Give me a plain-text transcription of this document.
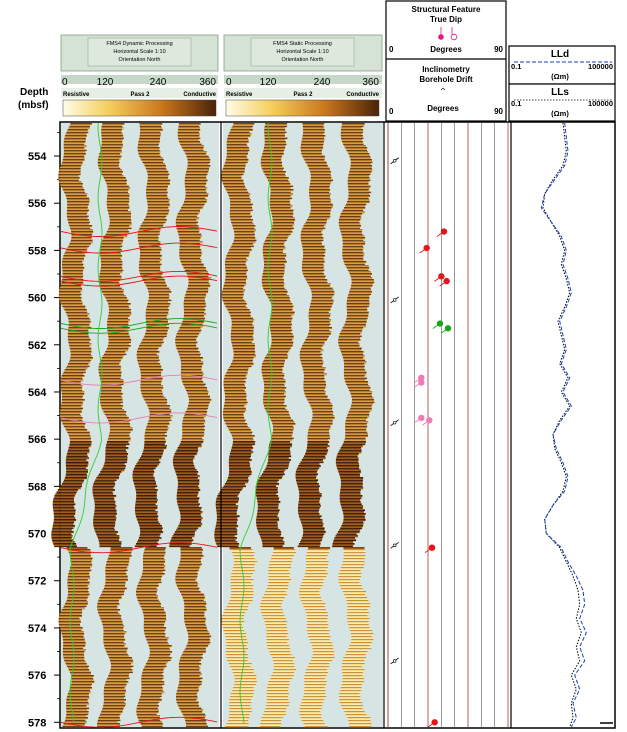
Depth
(mbsf)
FMS4 Dynamic Processing
Horizontal Scale 1:10
Orientation North
0	120	240	360
Resistive	Pass 2	Conductive
FMS4 Static Processing
Horizontal Scale 1:10
Orientation North
0	120	240	360
Resistive	Pass 2	Conductive
Structural Feature
True Dip
0	Degrees	90
Inclinometry
Borehole Drift
0	Degrees	90
LLd
0.1	100000
(Ωm)
LLs
0.1	100000
(Ωm)
554
556
558
560
562
564
566
568
570
572
574
576
578
